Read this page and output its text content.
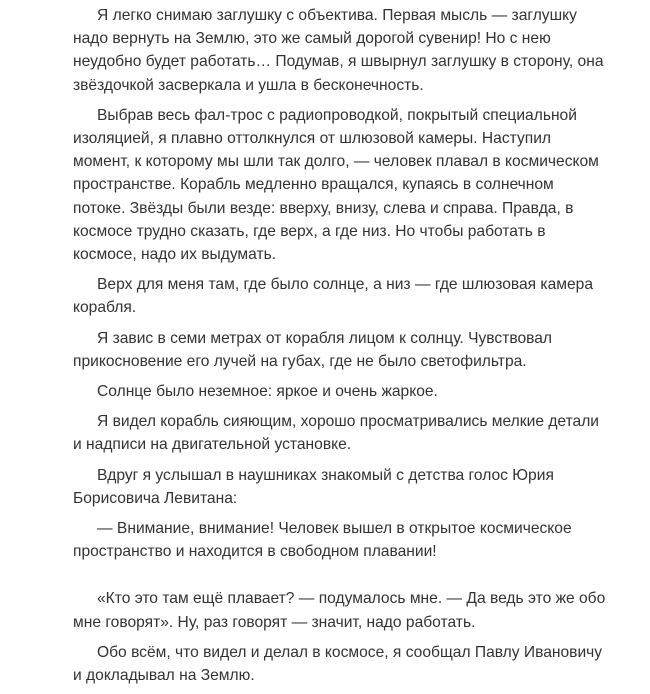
Я легко снимаю заглушку с объектива. Первая мысль — заглушку надо вернуть на Землю, это же самый дорогой сувенир! Но с нею неудобно будет работать… Подумав, я швырнул заглушку в сторону, она звёздочкой засверкала и ушла в бесконечность.

Выбрав весь фал-трос с радиопроводкой, покрытый специальной изоляцией, я плавно оттолкнулся от шлюзовой камеры. Наступил момент, к которому мы шли так долго, — человек плавал в космическом пространстве. Корабль медленно вращался, купаясь в солнечном потоке. Звёзды были везде: вверху, внизу, слева и справа. Правда, в космосе трудно сказать, где верх, а где низ. Но чтобы работать в космосе, надо их выдумать.

Верх для меня там, где было солнце, а низ — где шлюзовая камера корабля.

Я завис в семи метрах от корабля лицом к солнцу. Чувствовал прикосновение его лучей на губах, где не было светофильтра.

Солнце было неземное: яркое и очень жаркое.

Я видел корабль сияющим, хорошо просматривались мелкие детали и надписи на двигательной установке.

Вдруг я услышал в наушниках знакомый с детства голос Юрия Борисовича Левитана:

— Внимание, внимание! Человек вышел в открытое космическое пространство и находится в свободном плавании!

«Кто это там ещё плавает? — подумалось мне. — Да ведь это же обо мне говорят». Ну, раз говорят — значит, надо работать.

Обо всём, что видел и делал в космосе, я сообщал Павлу Ивановичу и докладывал на Землю.
